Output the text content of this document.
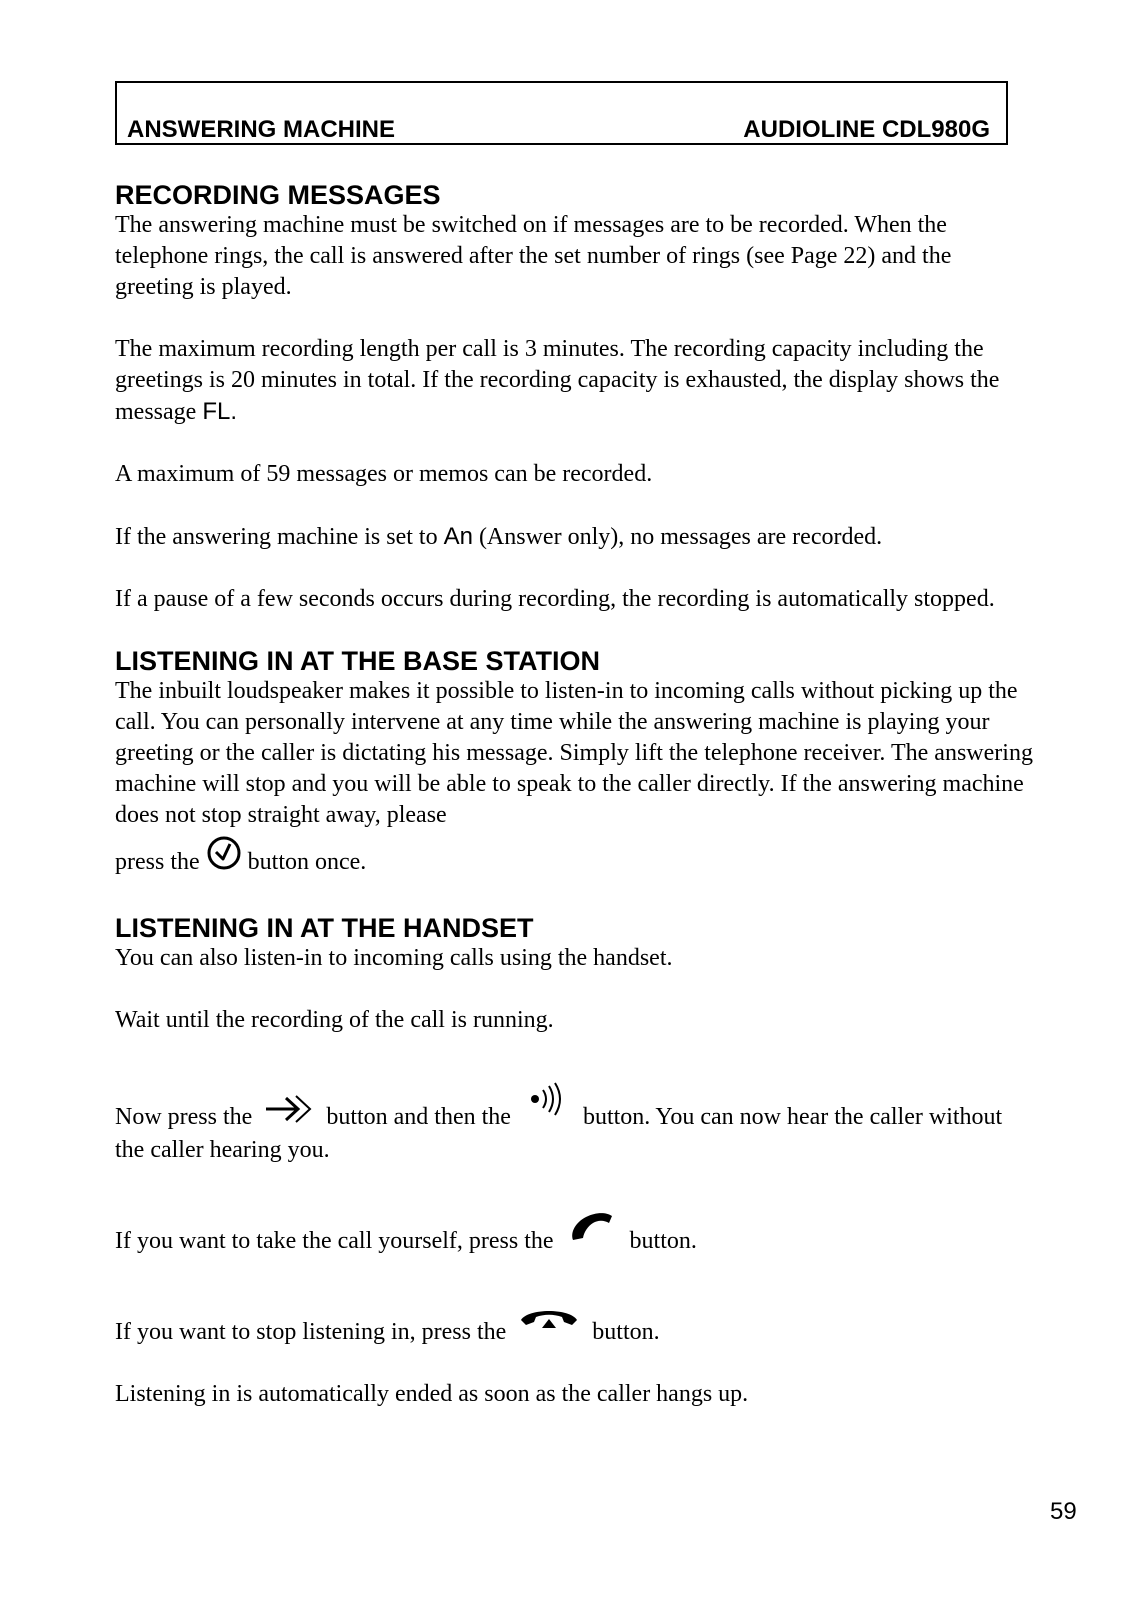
ANSWERING MACHINE	AUDIOLINE CDL980G
RECORDING MESSAGES

The answering machine must be switched on if messages are to be recorded. When the telephone rings, the call is answered after the set number of rings (see Page 22) and the greeting is played.

The maximum recording length per call is 3 minutes. The recording capacity including the greetings is 20 minutes in total. If the recording capacity is exhausted, the display shows the message FL.

A maximum of 59 messages or memos can be recorded.

If the answering machine is set to An (Answer only), no messages are recorded.

If a pause of a few seconds occurs during recording, the recording is automatically stopped.

LISTENING IN AT THE BASE STATION

The inbuilt loudspeaker makes it possible to listen-in to incoming calls without picking up the call. You can personally intervene at any time while the answering machine is playing your greeting or the caller is dictating his message. Simply lift the telephone receiver. The answering machine will stop and you will be able to speak to the caller directly. If the answering machine does not stop straight away, please

press the  button once.

LISTENING IN AT THE HANDSET

You can also listen-in to incoming calls using the handset.

Wait until the recording of the call is running.

Now press the	button and then the	button. You can now hear the caller without the caller hearing you.

If you want to take the call yourself, press the	button.

If you want to stop listening in, press the	button.

Listening in is automatically ended as soon as the caller hangs up.

59
